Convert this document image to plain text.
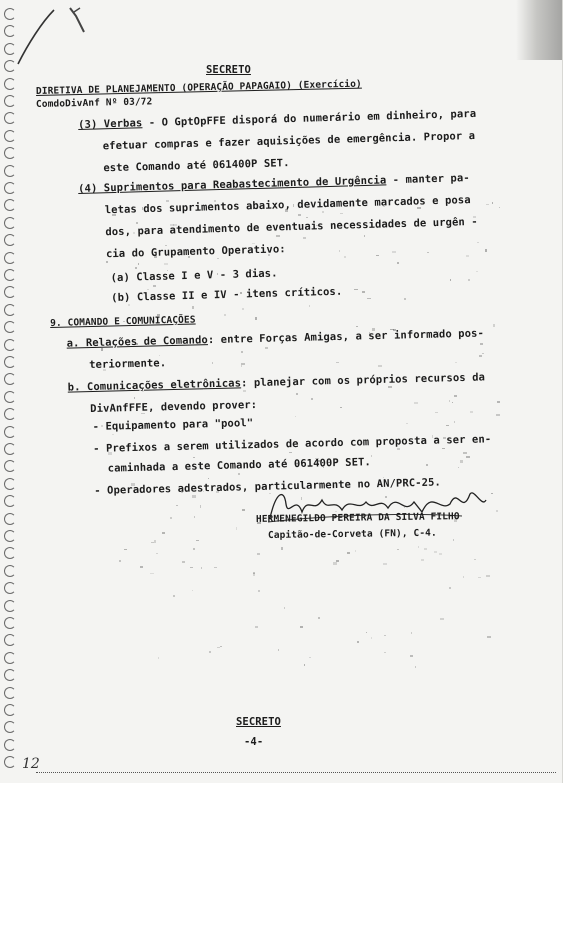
SECRETO
DIRETIVA DE PLANEJAMENTO (OPERAÇÃO PAPAGAIO) (Exercício)
ComdoDivAnf Nº 03/72
(3) Verbas - O GptOpFFE disporá do numerário em dinheiro, para
efetuar compras e fazer aquisições de emergência. Propor a
este Comando até 061400P SET.
(4) Suprimentos para Reabastecimento de Urgência - manter pa-
letas dos suprimentos abaixo, devidamente marcados e posa
dos, para atendimento de eventuais necessidades de urgên -
cia do Grupamento Operativo:
(a) Classe I e V - 3 dias.
(b) Classe II e IV - itens críticos.
9. COMANDO E COMUNICAÇÕES
a. Relações de Comando: entre Forças Amigas, a ser informado pos-
teriormente.
b. Comunicações eletrônicas: planejar com os próprios recursos da
DivAnfFFE, devendo prover:
- Equipamento para "pool"
- Prefixos a serem utilizados de acordo com proposta a ser en-
caminhada a este Comando até 061400P SET.
- Operadores adestrados, particularmente no AN/PRC-25.
HERMENEGILDO PEREIRA DA SILVA FILHO
Capitão-de-Corveta (FN), C-4.
SECRETO
-4-
12
